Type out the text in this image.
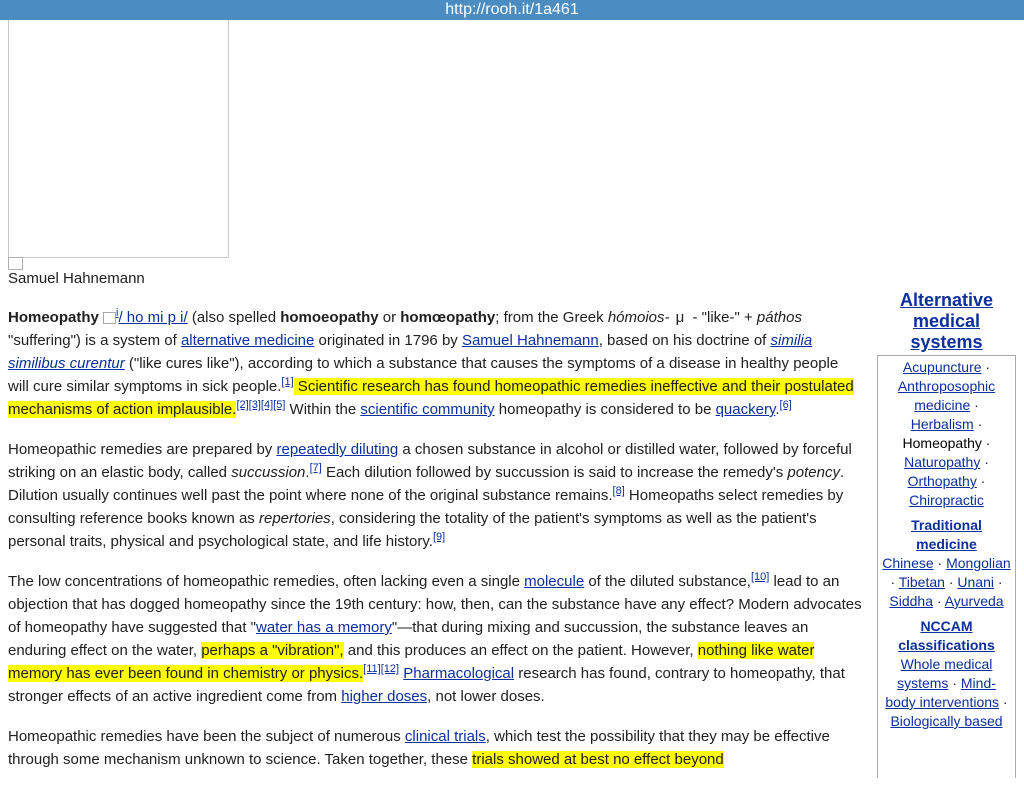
http://rooh.it/1a461
Samuel Hahnemann

Homeopathy $^i$/ ho mi p i/ (also spelled homoeopathy or homœopathy; from the Greek hómoios- μ - "like-" + páthos "suffering") is a system of alternative medicine originated in 1796 by Samuel Hahnemann, based on his doctrine of similia similibus curentur ("like cures like"), according to which a substance that causes the symptoms of a disease in healthy people will cure similar symptoms in sick people.[1] Scientific research has found homeopathic remedies ineffective and their postulated mechanisms of action implausible.[2][3][4][5] Within the scientific community homeopathy is considered to be quackery.[6]

Homeopathic remedies are prepared by repeatedly diluting a chosen substance in alcohol or distilled water, followed by forceful striking on an elastic body, called succussion.[7] Each dilution followed by succussion is said to increase the remedy's potency. Dilution usually continues well past the point where none of the original substance remains.[8] Homeopaths select remedies by consulting reference books known as repertories, considering the totality of the patient's symptoms as well as the patient's personal traits, physical and psychological state, and life history.[9]

The low concentrations of homeopathic remedies, often lacking even a single molecule of the diluted substance,[10] lead to an objection that has dogged homeopathy since the 19th century: how, then, can the substance have any effect? Modern advocates of homeopathy have suggested that "water has a memory"—that during mixing and succussion, the substance leaves an enduring effect on the water, perhaps a "vibration", and this produces an effect on the patient. However, nothing like water memory has ever been found in chemistry or physics.[11][12] Pharmacological research has found, contrary to homeopathy, that stronger effects of an active ingredient come from higher doses, not lower doses.

Homeopathic remedies have been the subject of numerous clinical trials, which test the possibility that they may be effective through some mechanism unknown to science. Taken together, these trials showed at best no effect beyond

Alternative medical systems
Acupuncture · Anthroposophic medicine · Herbalism · Homeopathy · Naturopathy · Orthopathy · Chiropractic
Traditional medicine
Chinese · Mongolian · Tibetan · Unani · Siddha · Ayurveda
NCCAM classifications
Whole medical systems · Mind-body interventions · Biologically based
